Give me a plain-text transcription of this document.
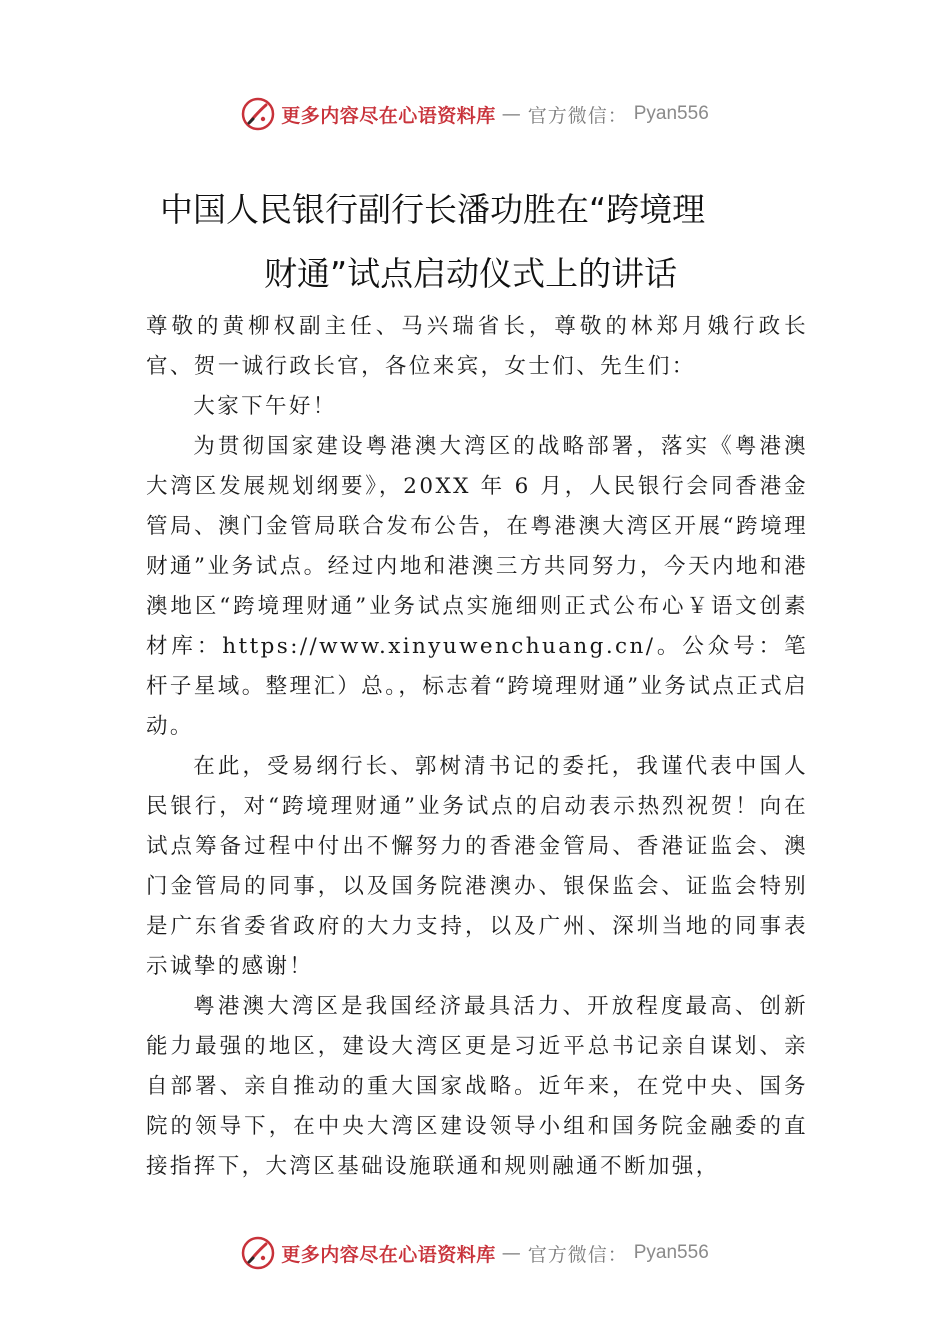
更多内容尽在心语资料库 — 官方微信： Pyan556
中国人民银行副行长潘功胜在“跨境理
财通”试点启动仪式上的讲话

尊敬的黄柳权副主任、马兴瑞省长，尊敬的林郑月娥行政长官、贺一诚行政长官，各位来宾，女士们、先生们：

大家下午好！

为贯彻国家建设粤港澳大湾区的战略部署，落实《粤港澳大湾区发展规划纲要》，20XX 年 6 月，人民银行会同香港金管局、澳门金管局联合发布公告，在粤港澳大湾区开展“跨境理财通”业务试点。经过内地和港澳三方共同努力，今天内地和港澳地区“跨境理财通”业务试点实施细则正式公布心￥语文创素材库：https://www.xinyuwenchuang.cn/。公众号：笔杆子星域。整理汇）总。，标志着“跨境理财通”业务试点正式启动。

在此，受易纲行长、郭树清书记的委托，我谨代表中国人民银行，对“跨境理财通”业务试点的启动表示热烈祝贺！向在试点筹备过程中付出不懈努力的香港金管局、香港证监会、澳门金管局的同事，以及国务院港澳办、银保监会、证监会特别是广东省委省政府的大力支持，以及广州、深圳当地的同事表示诚挚的感谢！

粤港澳大湾区是我国经济最具活力、开放程度最高、创新能力最强的地区，建设大湾区更是习近平总书记亲自谋划、亲自部署、亲自推动的重大国家战略。近年来，在党中央、国务院的领导下，在中央大湾区建设领导小组和国务院金融委的直接指挥下，大湾区基础设施联通和规则融通不断加强，

更多内容尽在心语资料库 — 官方微信： Pyan556
